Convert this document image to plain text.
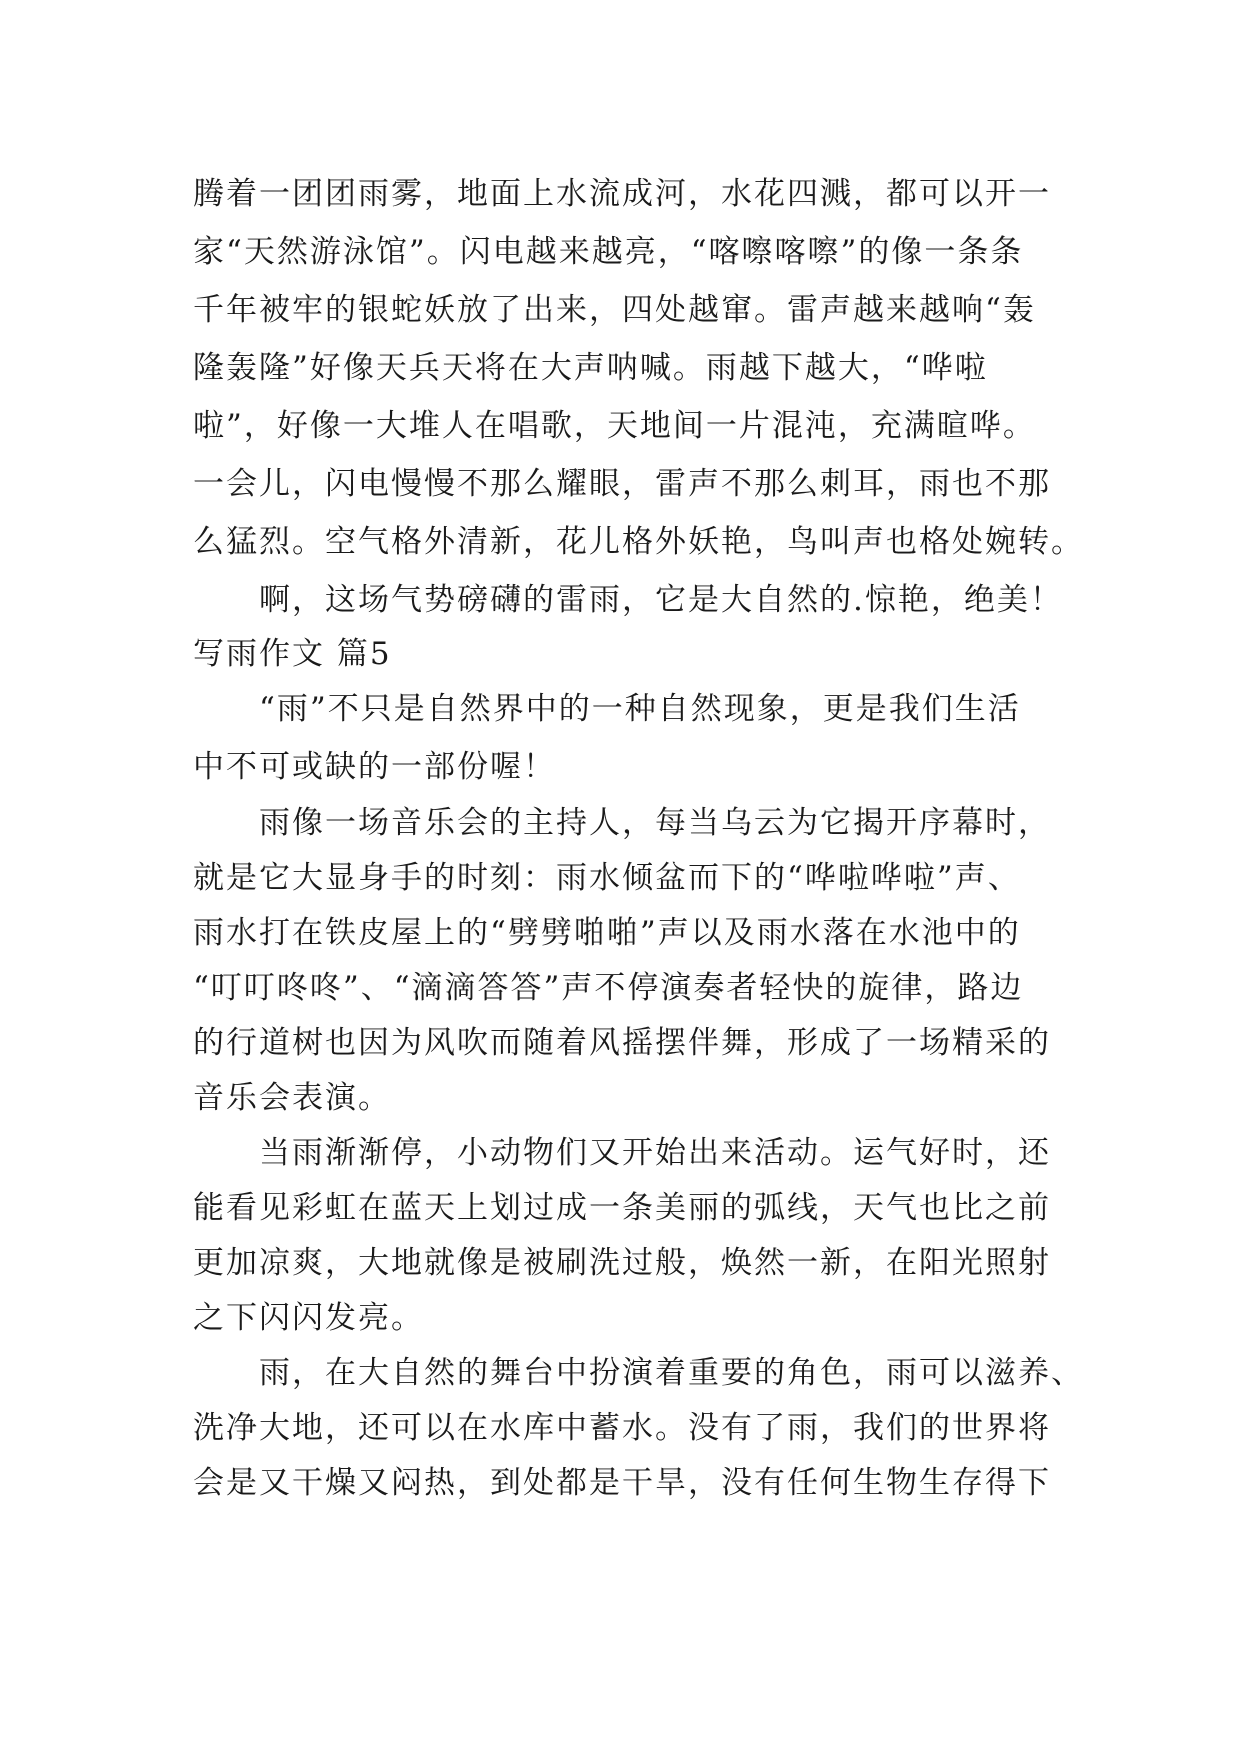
腾着一团团雨雾，地面上水流成河，水花四溅，都可以开一
家“天然游泳馆”。闪电越来越亮，“喀嚓喀嚓”的像一条条
千年被牢的银蛇妖放了出来，四处越窜。雷声越来越响“轰
隆轰隆”好像天兵天将在大声呐喊。雨越下越大，“哗啦
啦”，好像一大堆人在唱歌，天地间一片混沌，充满暄哗。
一会儿，闪电慢慢不那么耀眼，雷声不那么刺耳，雨也不那
么猛烈。空气格外清新，花儿格外妖艳，鸟叫声也格处婉转。
　　啊，这场气势磅礴的雷雨，它是大自然的.惊艳，绝美！
写雨作文 篇5
　　“雨”不只是自然界中的一种自然现象，更是我们生活
中不可或缺的一部份喔！
　　雨像一场音乐会的主持人，每当乌云为它揭开序幕时，
就是它大显身手的时刻：雨水倾盆而下的“哗啦哗啦”声、
雨水打在铁皮屋上的“劈劈啪啪”声以及雨水落在水池中的
“叮叮咚咚”、“滴滴答答”声不停演奏者轻快的旋律，路边
的行道树也因为风吹而随着风摇摆伴舞，形成了一场精采的
音乐会表演。
　　当雨渐渐停，小动物们又开始出来活动。运气好时，还
能看见彩虹在蓝天上划过成一条美丽的弧线，天气也比之前
更加凉爽，大地就像是被刷洗过般，焕然一新，在阳光照射
之下闪闪发亮。
　　雨，在大自然的舞台中扮演着重要的角色，雨可以滋养、
洗净大地，还可以在水库中蓄水。没有了雨，我们的世界将
会是又干燥又闷热，到处都是干旱，没有任何生物生存得下
